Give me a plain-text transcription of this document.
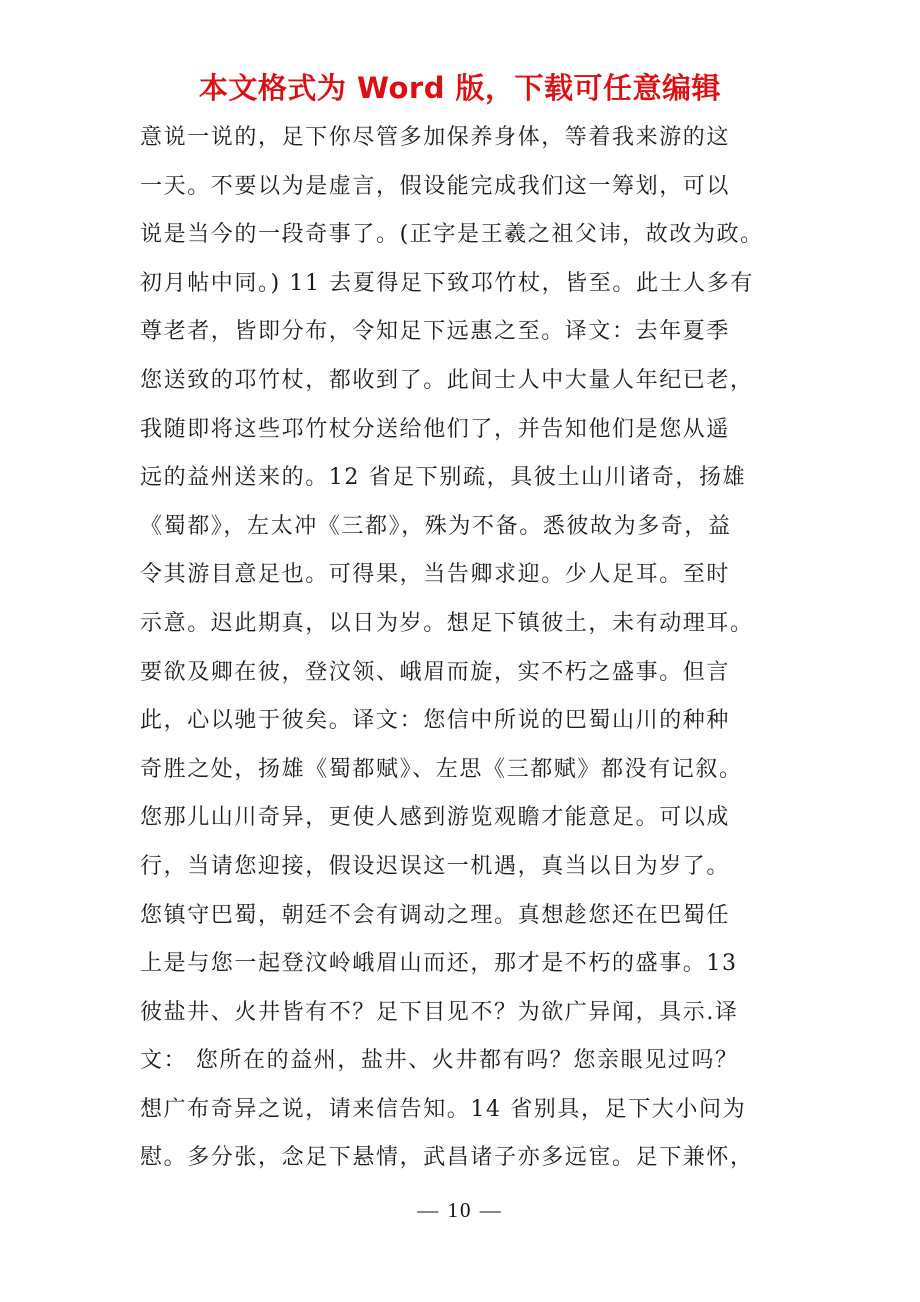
本文格式为 Word 版，下载可任意编辑
意说一说的，足下你尽管多加保养身体，等着我来游的这
一天。不要以为是虚言，假设能完成我们这一筹划，可以
说是当今的一段奇事了。(正字是王羲之祖父讳，故改为政。
初月帖中同。) 11 去夏得足下致邛竹杖，皆至。此士人多有
尊老者，皆即分布，令知足下远惠之至。译文：去年夏季
您送致的邛竹杖，都收到了。此间士人中大量人年纪已老，
我随即将这些邛竹杖分送给他们了，并告知他们是您从遥
远的益州送来的。12 省足下别疏，具彼土山川诸奇，扬雄
《蜀都》，左太冲《三都》，殊为不备。悉彼故为多奇，益
令其游目意足也。可得果，当告卿求迎。少人足耳。至时
示意。迟此期真，以日为岁。想足下镇彼土，未有动理耳。
要欲及卿在彼，登汶领、峨眉而旋，实不朽之盛事。但言
此，心以驰于彼矣。译文：您信中所说的巴蜀山川的种种
奇胜之处，扬雄《蜀都赋》、左思《三都赋》都没有记叙。
您那儿山川奇异，更使人感到游览观瞻才能意足。可以成
行，当请您迎接，假设迟误这一机遇，真当以日为岁了。
您镇守巴蜀，朝廷不会有调动之理。真想趁您还在巴蜀任
上是与您一起登汶岭峨眉山而还，那才是不朽的盛事。13
彼盐井、火井皆有不？足下目见不？为欲广异闻，具示.译
文： 您所在的益州，盐井、火井都有吗？您亲眼见过吗？
想广布奇异之说，请来信告知。14 省别具，足下大小问为
慰。多分张，念足下悬情，武昌诸子亦多远宦。足下兼怀，
— 10 —
